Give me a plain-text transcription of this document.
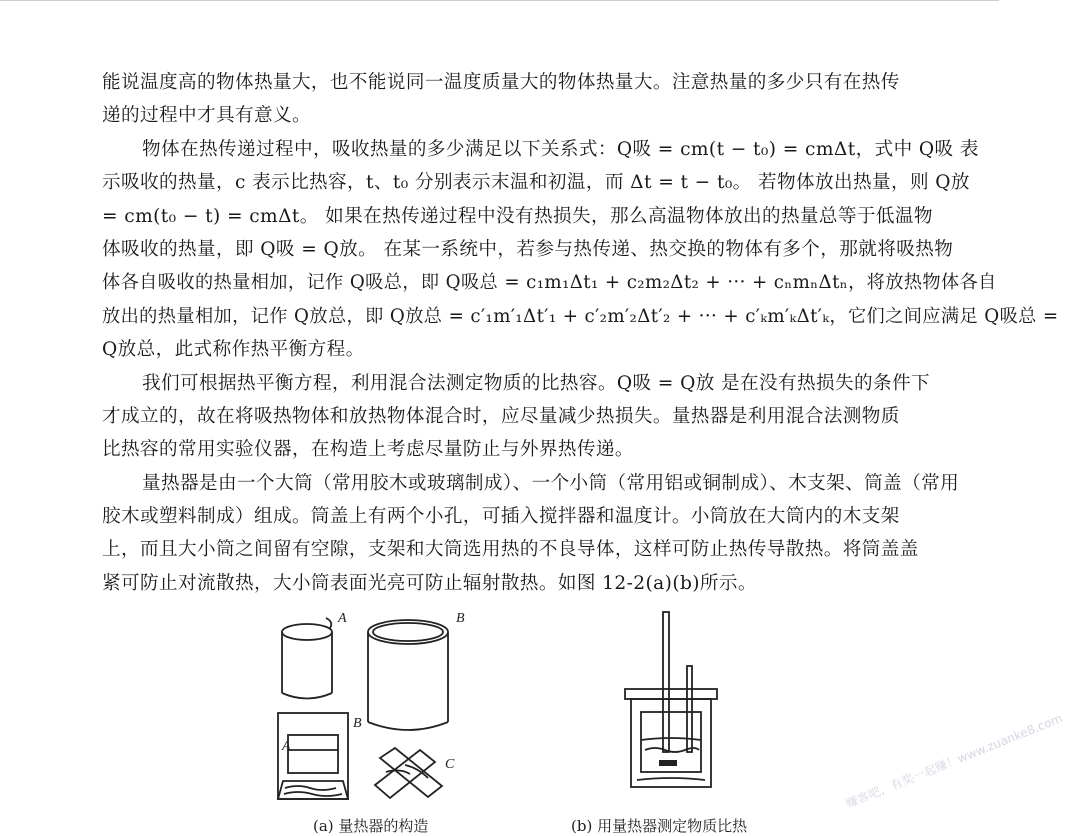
能说温度高的物体热量大，也不能说同一温度质量大的物体热量大。注意热量的多少只有在热传
递的过程中才具有意义。
物体在热传递过程中，吸收热量的多少满足以下关系式：Q吸 = cm(t − t₀) = cmΔt，式中 Q吸 表
示吸收的热量，c 表示比热容，t、t₀ 分别表示末温和初温，而 Δt = t − t₀。 若物体放出热量，则 Q放
= cm(t₀ − t) = cmΔt。 如果在热传递过程中没有热损失，那么高温物体放出的热量总等于低温物
体吸收的热量，即 Q吸 = Q放。 在某一系统中，若参与热传递、热交换的物体有多个，那就将吸热物
体各自吸收的热量相加，记作 Q吸总，即 Q吸总 = c₁m₁Δt₁ + c₂m₂Δt₂ + ··· + cₙmₙΔtₙ，将放热物体各自
放出的热量相加，记作 Q放总，即 Q放总 = c′₁m′₁Δt′₁ + c′₂m′₂Δt′₂ + ··· + c′ₖm′ₖΔt′ₖ，它们之间应满足 Q吸总 =
Q放总，此式称作热平衡方程。
我们可根据热平衡方程，利用混合法测定物质的比热容。Q吸 = Q放 是在没有热损失的条件下
才成立的，故在将吸热物体和放热物体混合时，应尽量减少热损失。量热器是利用混合法测物质
比热容的常用实验仪器，在构造上考虑尽量防止与外界热传递。
量热器是由一个大筒（常用胶木或玻璃制成）、一个小筒（常用铝或铜制成）、木支架、筒盖（常用
胶木或塑料制成）组成。筒盖上有两个小孔，可插入搅拌器和温度计。小筒放在大筒内的木支架
上，而且大小筒之间留有空隙，支架和大筒选用热的不良导体，这样可防止热传导散热。将筒盖盖
紧可防止对流散热，大小筒表面光亮可防止辐射散热。如图 12-2(a)(b)所示。
A	B
A
B
C
(a) 量热器的构造	(b) 用量热器测定物质比热
赚客吧，有奖一起赚！www.zuanke8.com
